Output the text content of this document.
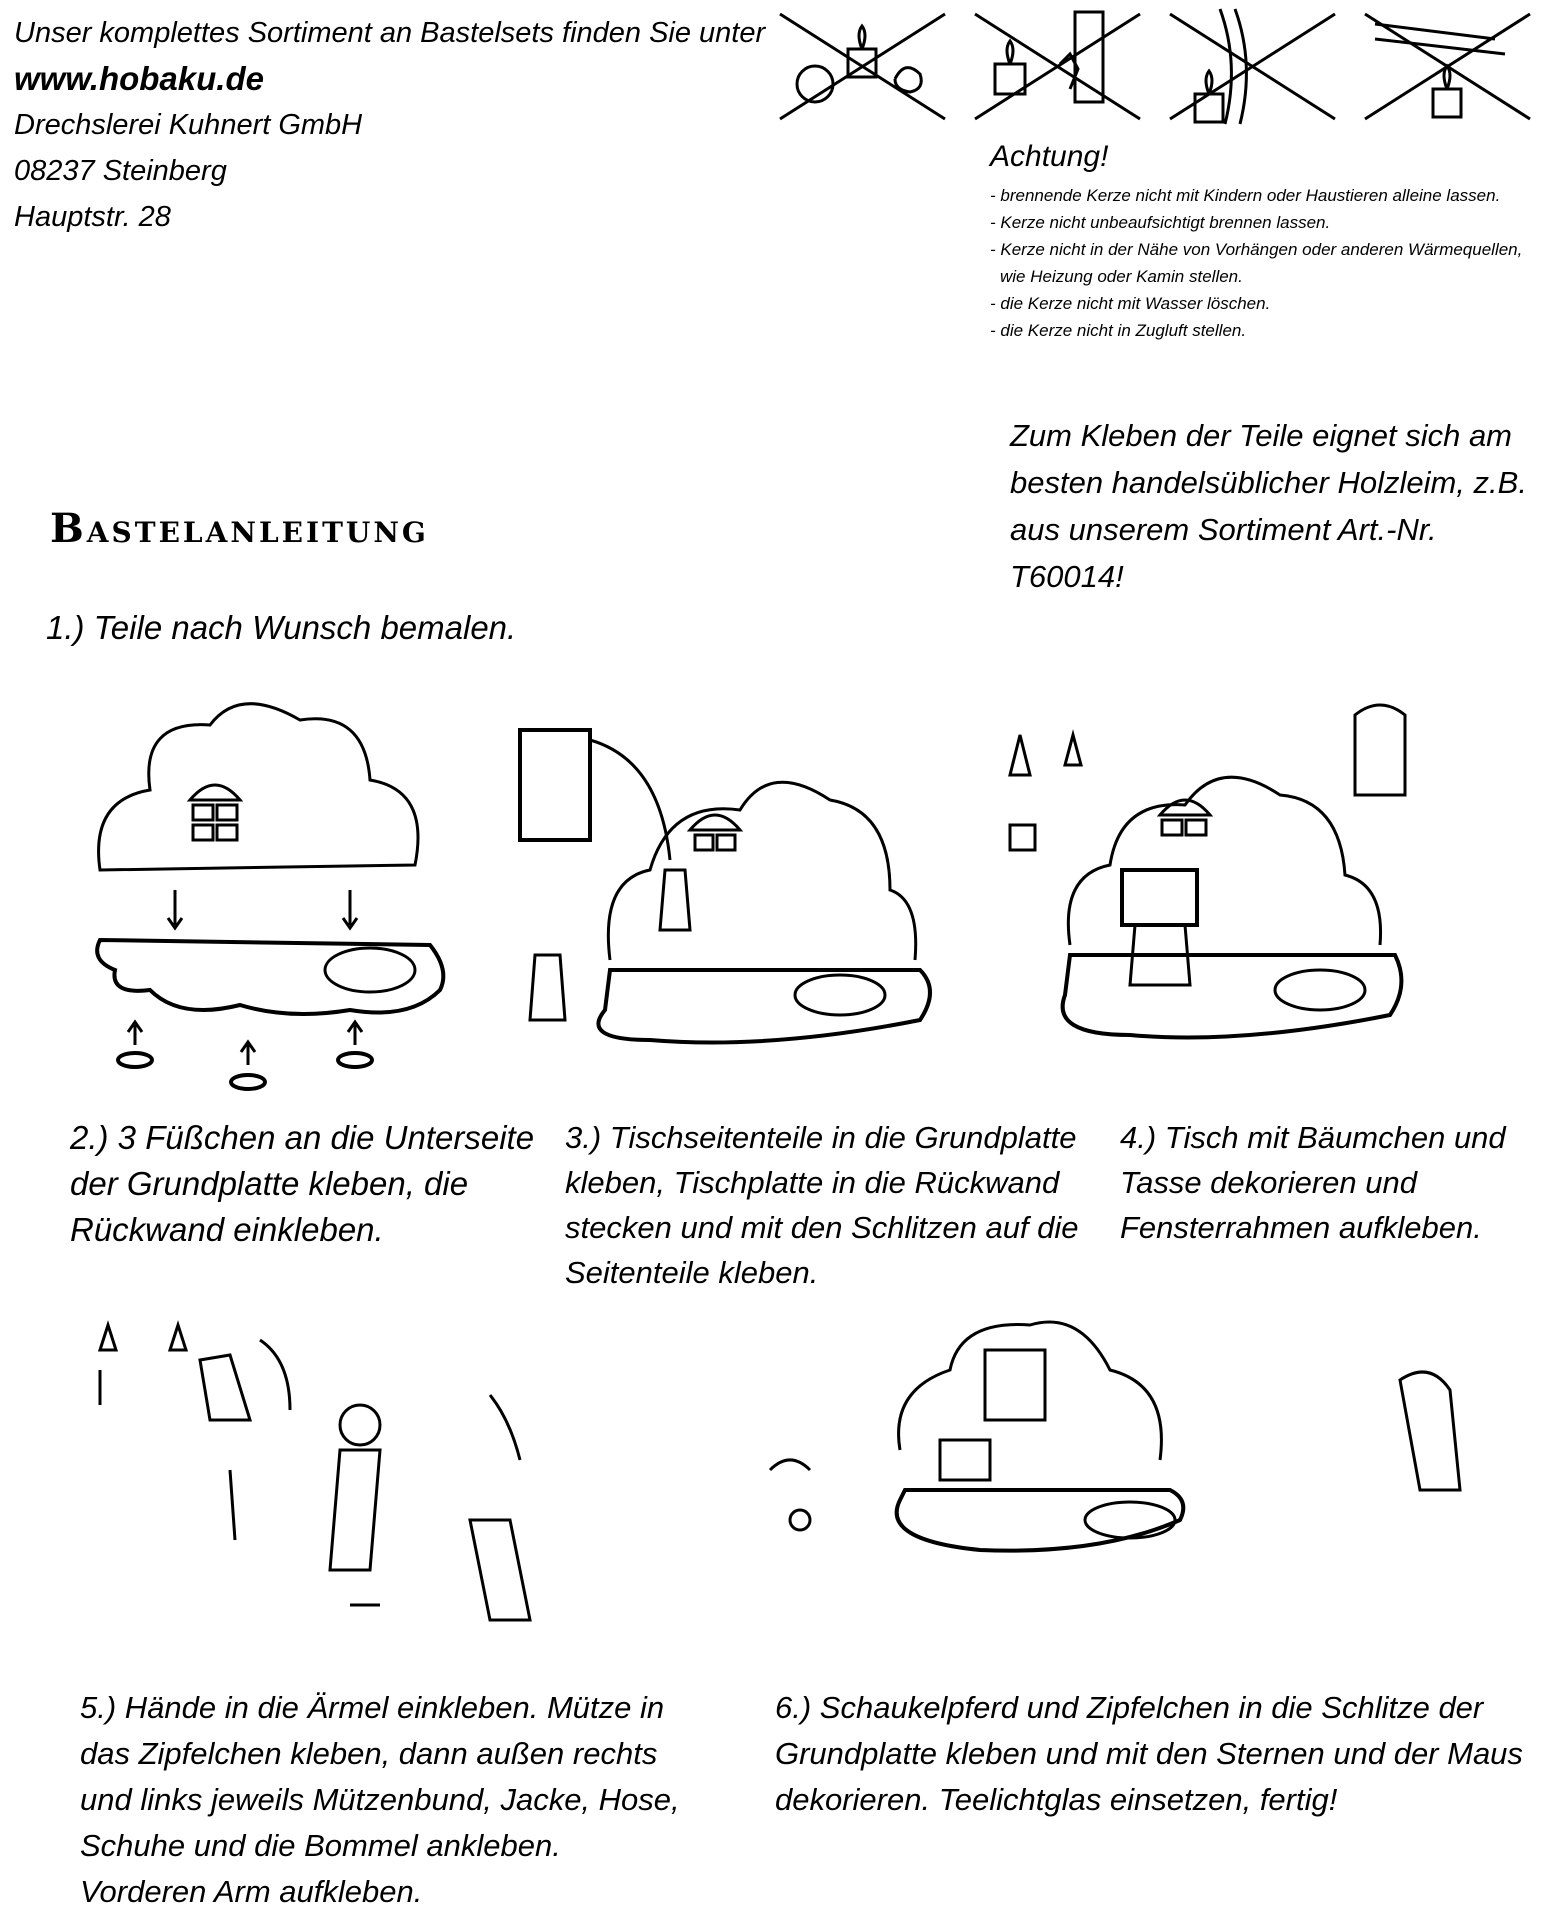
Unser komplettes Sortiment an Bastelsets finden Sie unter
www.hobaku.de
Drechslerei Kuhnert GmbH
08237 Steinberg
Hauptstr. 28
Achtung!
- brennende Kerze nicht mit Kindern oder Haustieren alleine lassen.
- Kerze nicht unbeaufsichtigt brennen lassen.
- Kerze nicht in der Nähe von Vorhängen oder anderen Wärmequellen,
wie Heizung oder Kamin stellen.
- die Kerze nicht mit Wasser löschen.
- die Kerze nicht in Zugluft stellen.
Zum Kleben der Teile eignet sich am besten handelsüblicher Holzleim, z.B. aus unserem Sortiment Art.-Nr. T60014!
Bastelanleitung
1.) Teile nach Wunsch bemalen.
2.) 3 Füßchen an die Unterseite der Grundplatte kleben, die Rückwand einkleben.
3.) Tischseitenteile in die Grundplatte kleben, Tischplatte in die Rückwand stecken und mit den Schlitzen auf die Seitenteile kleben.
4.) Tisch mit Bäumchen und Tasse dekorieren und Fensterrahmen aufkleben.
5.) Hände in die Ärmel einkleben. Mütze in das Zipfelchen kleben, dann außen rechts und links jeweils Mützenbund, Jacke, Hose, Schuhe und die Bommel ankleben. Vorderen Arm aufkleben.
6.) Schaukelpferd und Zipfelchen in die Schlitze der Grundplatte kleben und mit den Sternen und der Maus dekorieren. Teelichtglas einsetzen, fertig!
